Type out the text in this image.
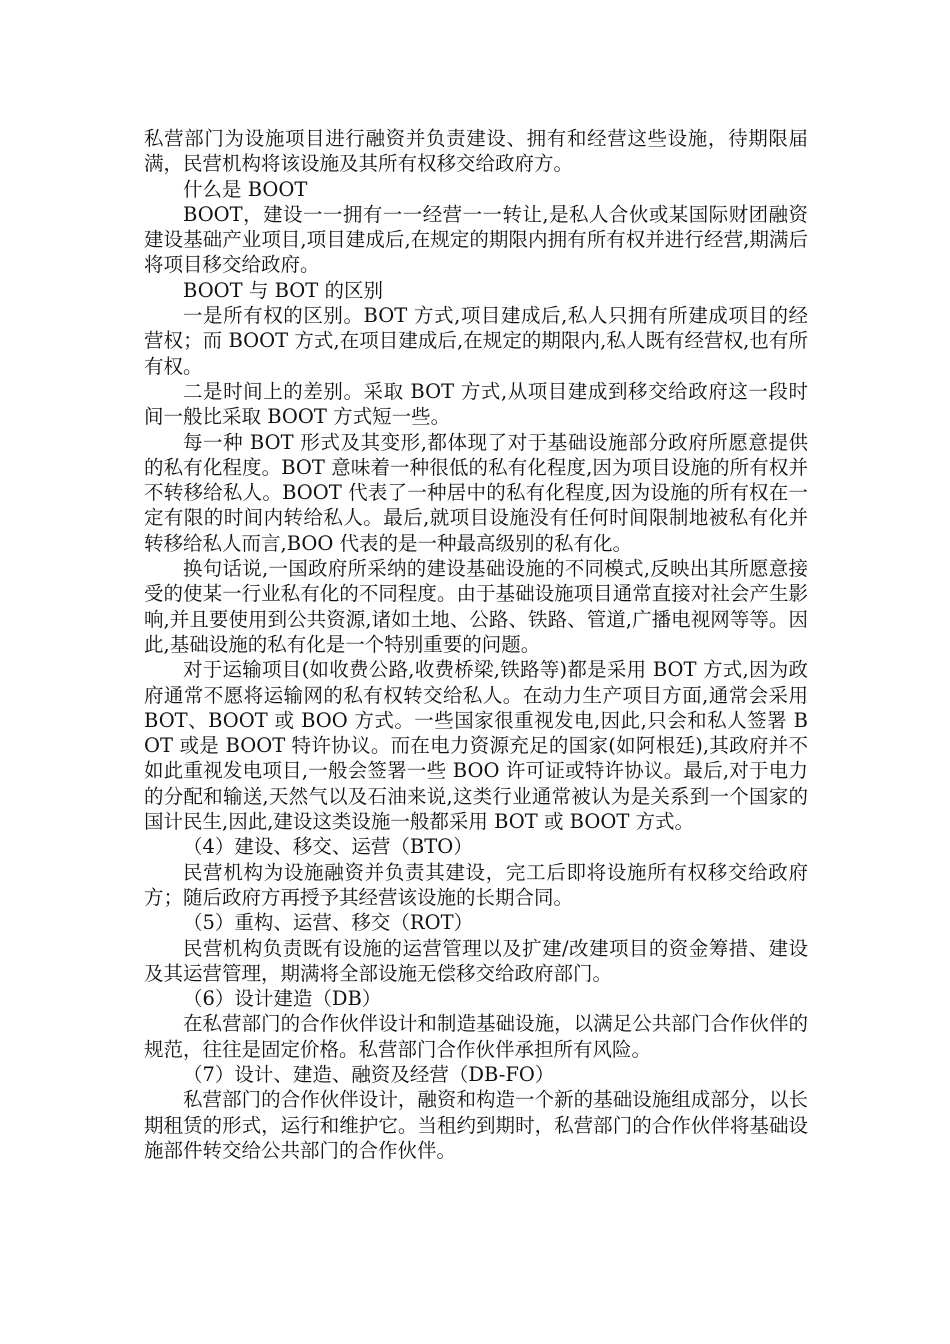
私营部门为设施项目进行融资并负责建设、拥有和经营这些设施，待期限届满，民营机构将该设施及其所有权移交给政府方。

什么是 BOOT

BOOT，建设一一拥有一一经营一一转让,是私人合伙或某国际财团融资建设基础产业项目,项目建成后,在规定的期限内拥有所有权并进行经营,期满后将项目移交给政府。

BOOT 与 BOT 的区别

一是所有权的区别。BOT 方式,项目建成后,私人只拥有所建成项目的经营权；而 BOOT 方式,在项目建成后,在规定的期限内,私人既有经营权,也有所有权。

二是时间上的差别。采取 BOT 方式,从项目建成到移交给政府这一段时间一般比采取 BOOT 方式短一些。

每一种 BOT 形式及其变形,都体现了对于基础设施部分政府所愿意提供的私有化程度。BOT 意味着一种很低的私有化程度,因为项目设施的所有权并不转移给私人。BOOT 代表了一种居中的私有化程度,因为设施的所有权在一定有限的时间内转给私人。最后,就项目设施没有任何时间限制地被私有化并转移给私人而言,BOO 代表的是一种最高级别的私有化。

换句话说,一国政府所采纳的建设基础设施的不同模式,反映出其所愿意接受的使某一行业私有化的不同程度。由于基础设施项目通常直接对社会产生影响,并且要使用到公共资源,诸如土地、公路、铁路、管道,广播电视网等等。因此,基础设施的私有化是一个特别重要的问题。

对于运输项目(如收费公路,收费桥梁,铁路等)都是采用 BOT 方式,因为政府通常不愿将运输网的私有权转交给私人。在动力生产项目方面,通常会采用 BOT、BOOT 或 BOO 方式。一些国家很重视发电,因此,只会和私人签署 BOT 或是 BOOT 特许协议。而在电力资源充足的国家(如阿根廷),其政府并不如此重视发电项目,一般会签署一些 BOO 许可证或特许协议。最后,对于电力的分配和输送,天然气以及石油来说,这类行业通常被认为是关系到一个国家的国计民生,因此,建设这类设施一般都采用 BOT 或 BOOT 方式。

（4）建设、移交、运营（BTO）

民营机构为设施融资并负责其建设，完工后即将设施所有权移交给政府方；随后政府方再授予其经营该设施的长期合同。

（5）重构、运营、移交（ROT）

民营机构负责既有设施的运营管理以及扩建/改建项目的资金筹措、建设及其运营管理，期满将全部设施无偿移交给政府部门。

（6）设计建造（DB）

在私营部门的合作伙伴设计和制造基础设施，以满足公共部门合作伙伴的规范，往往是固定价格。私营部门合作伙伴承担所有风险。

（7）设计、建造、融资及经营（DB-FO）

私营部门的合作伙伴设计，融资和构造一个新的基础设施组成部分，以长期租赁的形式，运行和维护它。当租约到期时，私营部门的合作伙伴将基础设施部件转交给公共部门的合作伙伴。
